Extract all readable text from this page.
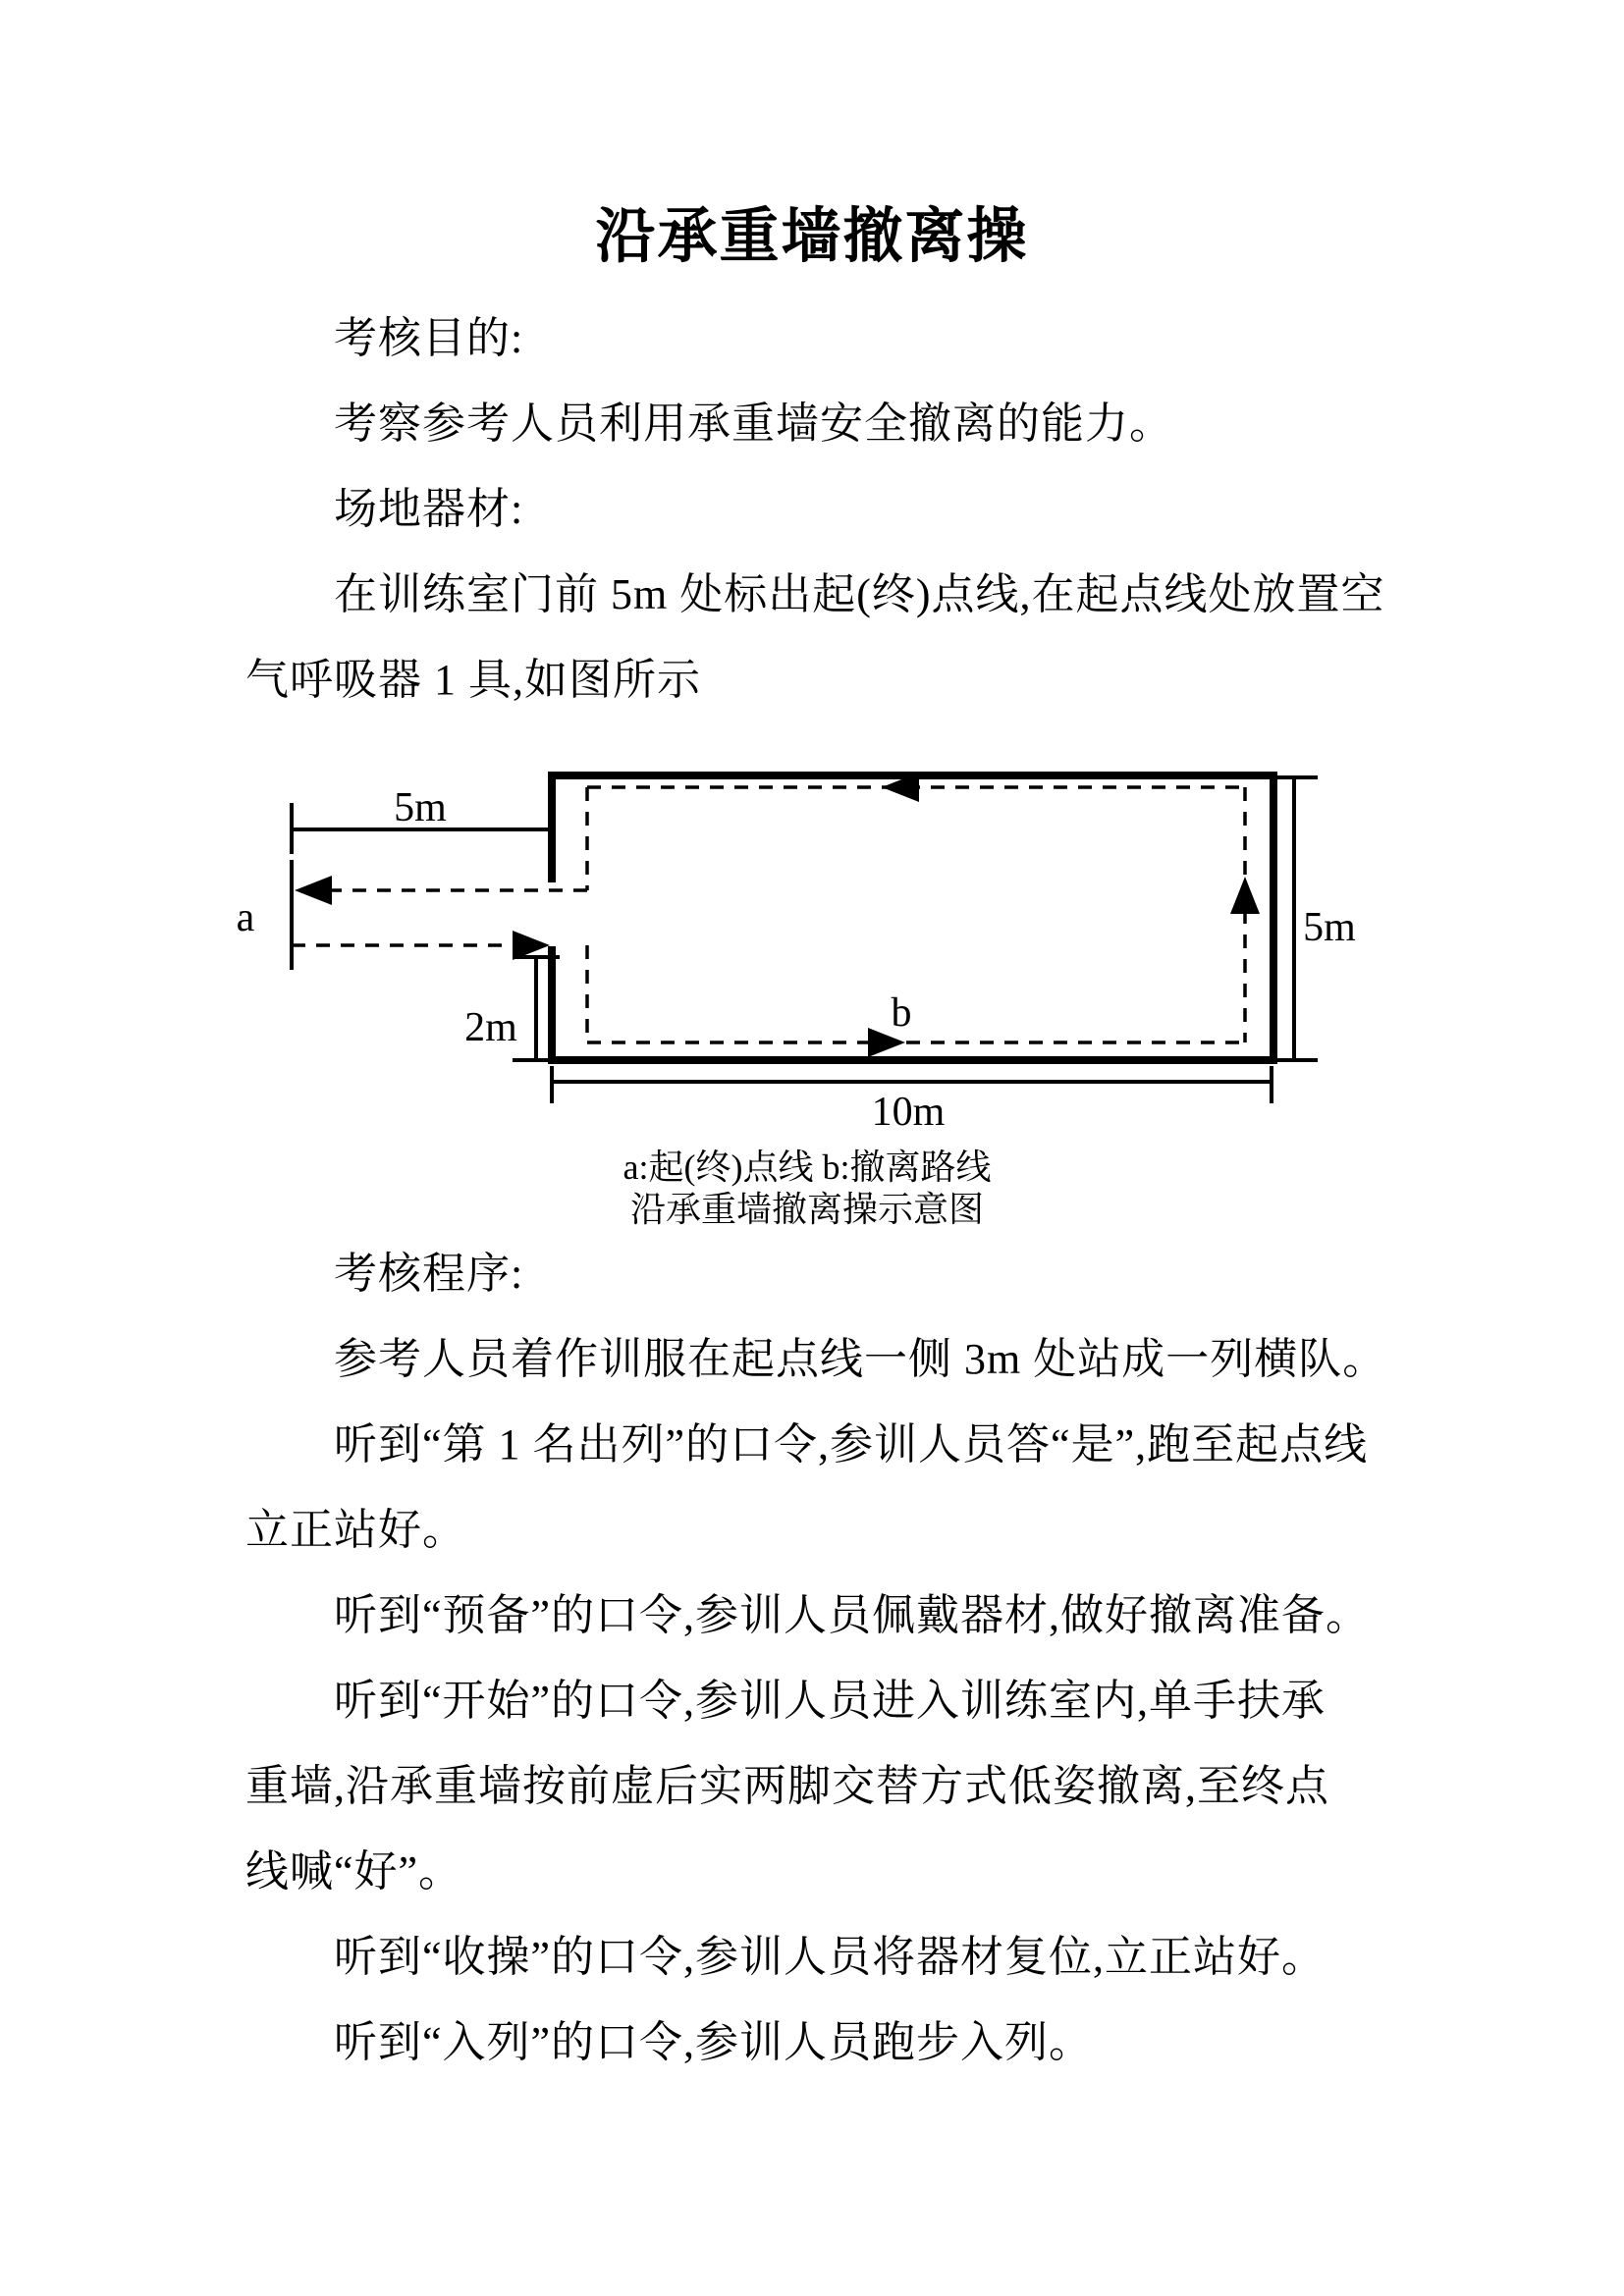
沿承重墙撤离操
考核目的:
考察参考人员利用承重墙安全撤离的能力。
场地器材:
在训练室门前 5m 处标出起(终)点线,在起点线处放置空
气呼吸器 1 具,如图所示
5m
a
2m
5m
10m
b
a:起(终)点线 b:撤离路线
沿承重墙撤离操示意图
考核程序:
参考人员着作训服在起点线一侧 3m 处站成一列横队。
听到“第 1 名出列”的口令,参训人员答“是”,跑至起点线
立正站好。
听到“预备”的口令,参训人员佩戴器材,做好撤离准备。
听到“开始”的口令,参训人员进入训练室内,单手扶承
重墙,沿承重墙按前虚后实两脚交替方式低姿撤离,至终点
线喊“好”。
听到“收操”的口令,参训人员将器材复位,立正站好。
听到“入列”的口令,参训人员跑步入列。
